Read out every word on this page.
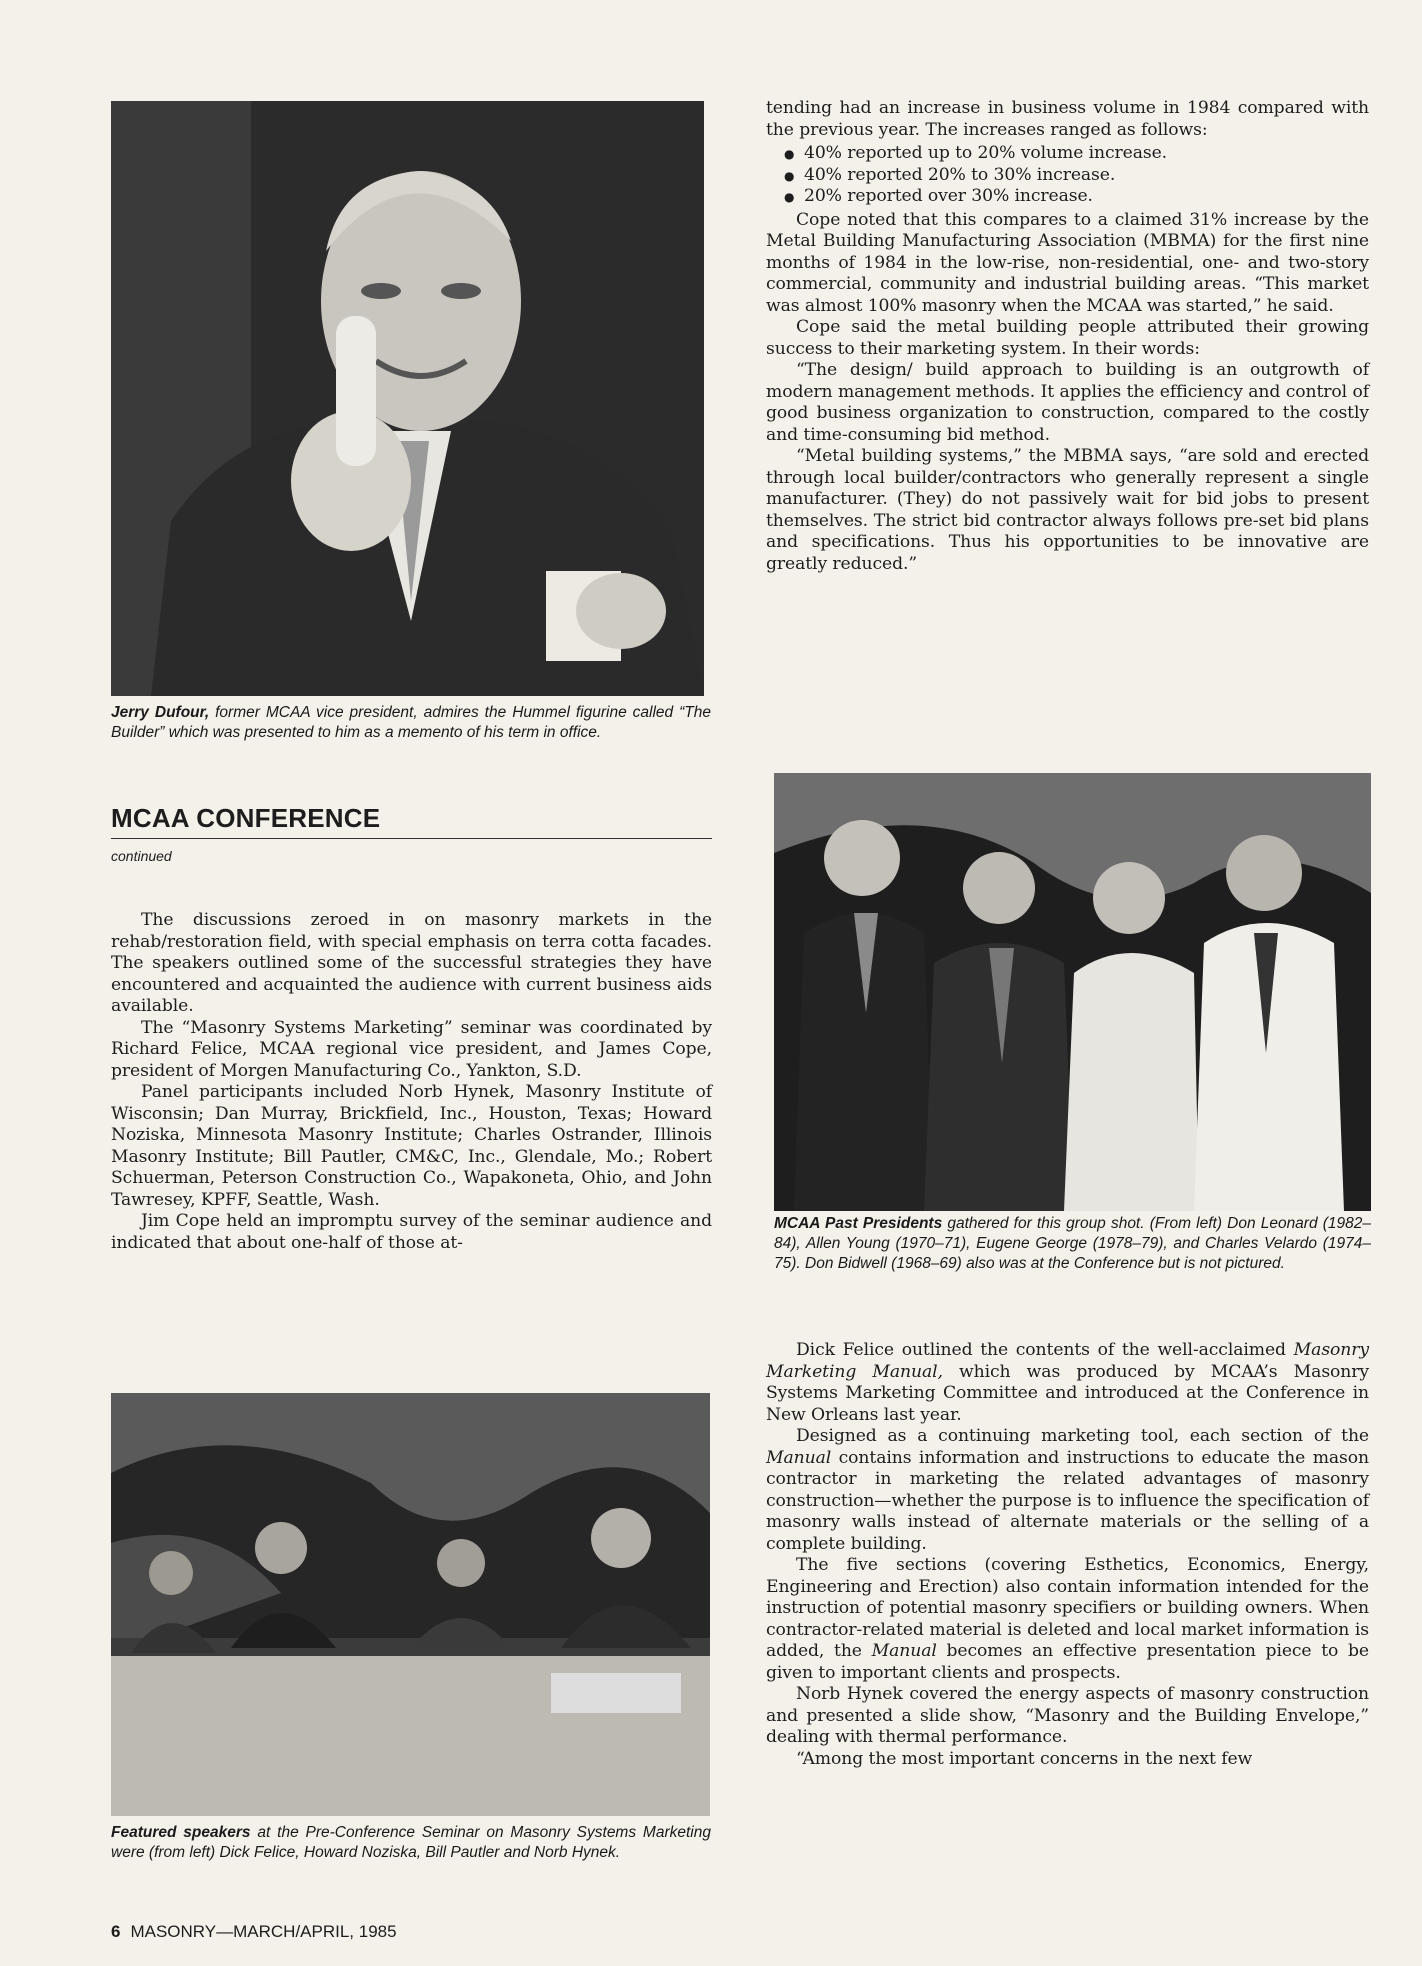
Jerry Dufour, former MCAA vice president, admires the Hummel figurine called “The Builder” which was presented to him as a memento of his term in office.
MCAA CONFERENCE
continued

The discussions zeroed in on masonry markets in the rehab/restoration field, with special emphasis on terra cotta facades. The speakers outlined some of the successful strategies they have encountered and acquainted the audience with current business aids available.

The “Masonry Systems Marketing” seminar was coordinated by Richard Felice, MCAA regional vice president, and James Cope, president of Morgen Manufacturing Co., Yankton, S.D.

Panel participants included Norb Hynek, Masonry Institute of Wisconsin; Dan Murray, Brickfield, Inc., Houston, Texas; Howard Noziska, Minnesota Masonry Institute; Charles Ostrander, Illinois Masonry Institute; Bill Pautler, CM&C, Inc., Glendale, Mo.; Robert Schuerman, Peterson Construction Co., Wapakoneta, Ohio, and John Tawresey, KPFF, Seattle, Wash.

Jim Cope held an impromptu survey of the seminar audience and indicated that about one-half of those at-

Featured speakers at the Pre-Conference Seminar on Masonry Systems Marketing were (from left) Dick Felice, Howard Noziska, Bill Pautler and Norb Hynek.

tending had an increase in business volume in 1984 compared with the previous year. The increases ranged as follows:

● 40% reported up to 20% volume increase.
● 40% reported 20% to 30% increase.
● 20% reported over 30% increase.

Cope noted that this compares to a claimed 31% increase by the Metal Building Manufacturing Association (MBMA) for the first nine months of 1984 in the low-rise, non-residential, one- and two-story commercial, community and industrial building areas. “This market was almost 100% masonry when the MCAA was started,” he said.

Cope said the metal building people attributed their growing success to their marketing system. In their words:

“The design/ build approach to building is an outgrowth of modern management methods. It applies the efficiency and control of good business organization to construction, compared to the costly and time-consuming bid method.

“Metal building systems,” the MBMA says, “are sold and erected through local builder/contractors who generally represent a single manufacturer. (They) do not passively wait for bid jobs to present themselves. The strict bid contractor always follows pre-set bid plans and specifications. Thus his opportunities to be innovative are greatly reduced.”

MCAA Past Presidents gathered for this group shot. (From left) Don Leonard (1982–84), Allen Young (1970–71), Eugene George (1978–79), and Charles Velardo (1974–75). Don Bidwell (1968–69) also was at the Conference but is not pictured.

Dick Felice outlined the contents of the well-acclaimed Masonry Marketing Manual, which was produced by MCAA’s Masonry Systems Marketing Committee and introduced at the Conference in New Orleans last year.

Designed as a continuing marketing tool, each section of the Manual contains information and instructions to educate the mason contractor in marketing the related advantages of masonry construction—whether the purpose is to influence the specification of masonry walls instead of alternate materials or the selling of a complete building.

The five sections (covering Esthetics, Economics, Energy, Engineering and Erection) also contain information intended for the instruction of potential masonry specifiers or building owners. When contractor-related material is deleted and local market information is added, the Manual becomes an effective presentation piece to be given to important clients and prospects.

Norb Hynek covered the energy aspects of masonry construction and presented a slide show, “Masonry and the Building Envelope,” dealing with thermal performance.

“Among the most important concerns in the next few

6 MASONRY—MARCH/APRIL, 1985
